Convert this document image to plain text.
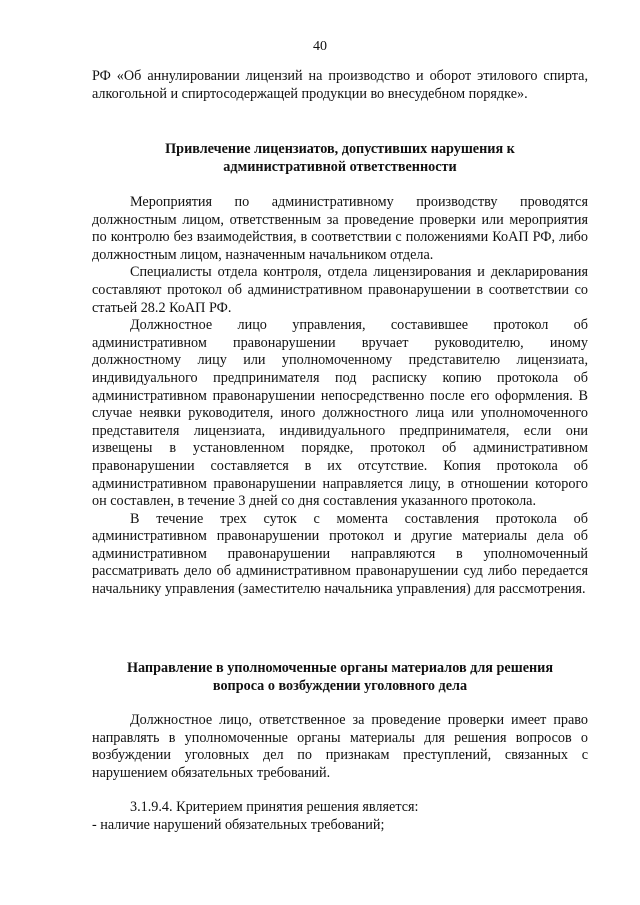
40

РФ «Об аннулировании лицензий на производство и оборот этилового спирта, алкогольной и спиртосодержащей продукции во внесудебном порядке».

Привлечение лицензиатов, допустивших нарушения к
административной ответственности

Мероприятия по административному производству проводятся должностным лицом, ответственным за проведение проверки или мероприятия по контролю без взаимодействия, в соответствии с положениями КоАП РФ, либо должностным лицом, назначенным начальником отдела.

Специалисты отдела контроля, отдела лицензирования и декларирования составляют протокол об административном правонарушении в соответствии со статьей 28.2 КоАП РФ.

Должностное лицо управления, составившее протокол об административном правонарушении вручает руководителю, иному должностному лицу или уполномоченному представителю лицензиата, индивидуального предпринимателя под расписку копию протокола об административном правонарушении непосредственно после его оформления. В случае неявки руководителя, иного должностного лица или уполномоченного представителя лицензиата, индивидуального предпринимателя, если они извещены в установленном порядке, протокол об административном правонарушении составляется в их отсутствие. Копия протокола об административном правонарушении направляется лицу, в отношении которого он составлен, в течение 3 дней со дня составления указанного протокола.

В течение трех суток с момента составления протокола об административном правонарушении протокол и другие материалы дела об административном правонарушении направляются в уполномоченный рассматривать дело об административном правонарушении суд либо передается начальнику управления (заместителю начальника управления) для рассмотрения.

Направление в уполномоченные органы материалов для решения
вопроса о возбуждении уголовного дела

Должностное лицо, ответственное за проведение проверки имеет право направлять в уполномоченные органы материалы для решения вопросов о возбуждении уголовных дел по признакам преступлений, связанных с нарушением обязательных требований.

3.1.9.4. Критерием принятия решения является:

- наличие нарушений обязательных требований;
